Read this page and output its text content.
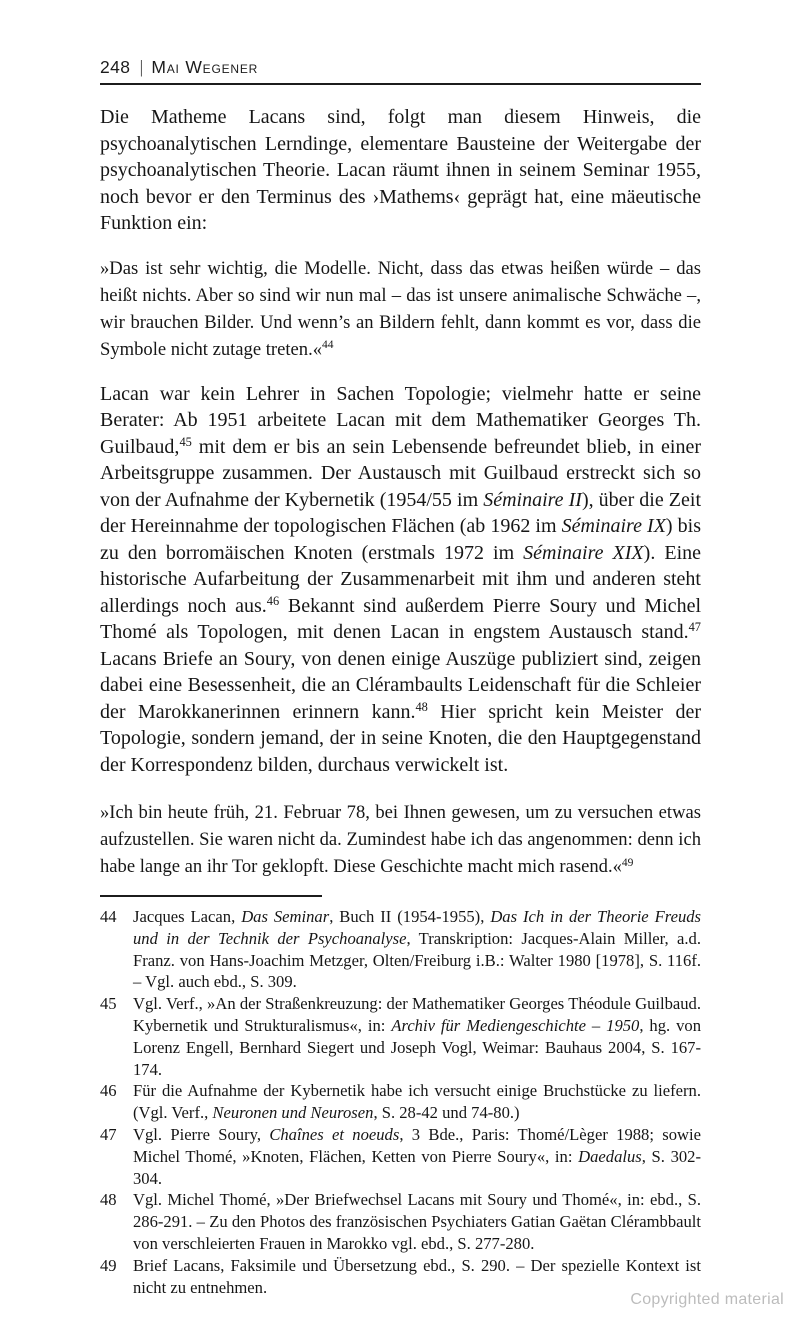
248 | Mai Wegener

Die Matheme Lacans sind, folgt man diesem Hinweis, die psychoanalytischen Lerndinge, elementare Bausteine der Weitergabe der psychoanalytischen Theorie. Lacan räumt ihnen in seinem Seminar 1955, noch bevor er den Terminus des ›Mathems‹ geprägt hat, eine mäeutische Funktion ein:

»Das ist sehr wichtig, die Modelle. Nicht, dass das etwas heißen würde – das heißt nichts. Aber so sind wir nun mal – das ist unsere animalische Schwäche –, wir brauchen Bilder. Und wenn’s an Bildern fehlt, dann kommt es vor, dass die Symbole nicht zutage treten.«$^{44}$

Lacan war kein Lehrer in Sachen Topologie; vielmehr hatte er seine Berater: Ab 1951 arbeitete Lacan mit dem Mathematiker Georges Th. Guilbaud,$^{45}$ mit dem er bis an sein Lebensende befreundet blieb, in einer Arbeitsgruppe zusammen. Der Austausch mit Guilbaud erstreckt sich so von der Aufnahme der Kybernetik (1954/55 im Séminaire II), über die Zeit der Hereinnahme der topologischen Flächen (ab 1962 im Séminaire IX) bis zu den borromäischen Knoten (erstmals 1972 im Séminaire XIX). Eine historische Aufarbeitung der Zusammenarbeit mit ihm und anderen steht allerdings noch aus.$^{46}$ Bekannt sind außerdem Pierre Soury und Michel Thomé als Topologen, mit denen Lacan in engstem Austausch stand.$^{47}$ Lacans Briefe an Soury, von denen einige Auszüge publiziert sind, zeigen dabei eine Besessenheit, die an Clérambaults Leidenschaft für die Schleier der Marokkanerinnen erinnern kann.$^{48}$ Hier spricht kein Meister der Topologie, sondern jemand, der in seine Knoten, die den Hauptgegenstand der Korrespondenz bilden, durchaus verwickelt ist.

»Ich bin heute früh, 21. Februar 78, bei Ihnen gewesen, um zu versuchen etwas aufzustellen. Sie waren nicht da. Zumindest habe ich das angenommen: denn ich habe lange an ihr Tor geklopft. Diese Geschichte macht mich rasend.«$^{49}$

44 Jacques Lacan, Das Seminar, Buch II (1954-1955), Das Ich in der Theorie Freuds und in der Technik der Psychoanalyse, Transkription: Jacques-Alain Miller, a.d. Franz. von Hans-Joachim Metzger, Olten/Freiburg i.B.: Walter 1980 [1978], S. 116f. – Vgl. auch ebd., S. 309.
45 Vgl. Verf., »An der Straßenkreuzung: der Mathematiker Georges Théodule Guilbaud. Kybernetik und Strukturalismus«, in: Archiv für Mediengeschichte – 1950, hg. von Lorenz Engell, Bernhard Siegert und Joseph Vogl, Weimar: Bauhaus 2004, S. 167-174.
46 Für die Aufnahme der Kybernetik habe ich versucht einige Bruchstücke zu liefern. (Vgl. Verf., Neuronen und Neurosen, S. 28-42 und 74-80.)
47 Vgl. Pierre Soury, Chaînes et noeuds, 3 Bde., Paris: Thomé/Lèger 1988; sowie Michel Thomé, »Knoten, Flächen, Ketten von Pierre Soury«, in: Daedalus, S. 302-304.
48 Vgl. Michel Thomé, »Der Briefwechsel Lacans mit Soury und Thomé«, in: ebd., S. 286-291. – Zu den Photos des französischen Psychiaters Gatian Gaëtan Clérambbault von verschleierten Frauen in Marokko vgl. ebd., S. 277-280.
49 Brief Lacans, Faksimile und Übersetzung ebd., S. 290. – Der spezielle Kontext ist nicht zu entnehmen.
Copyrighted material
